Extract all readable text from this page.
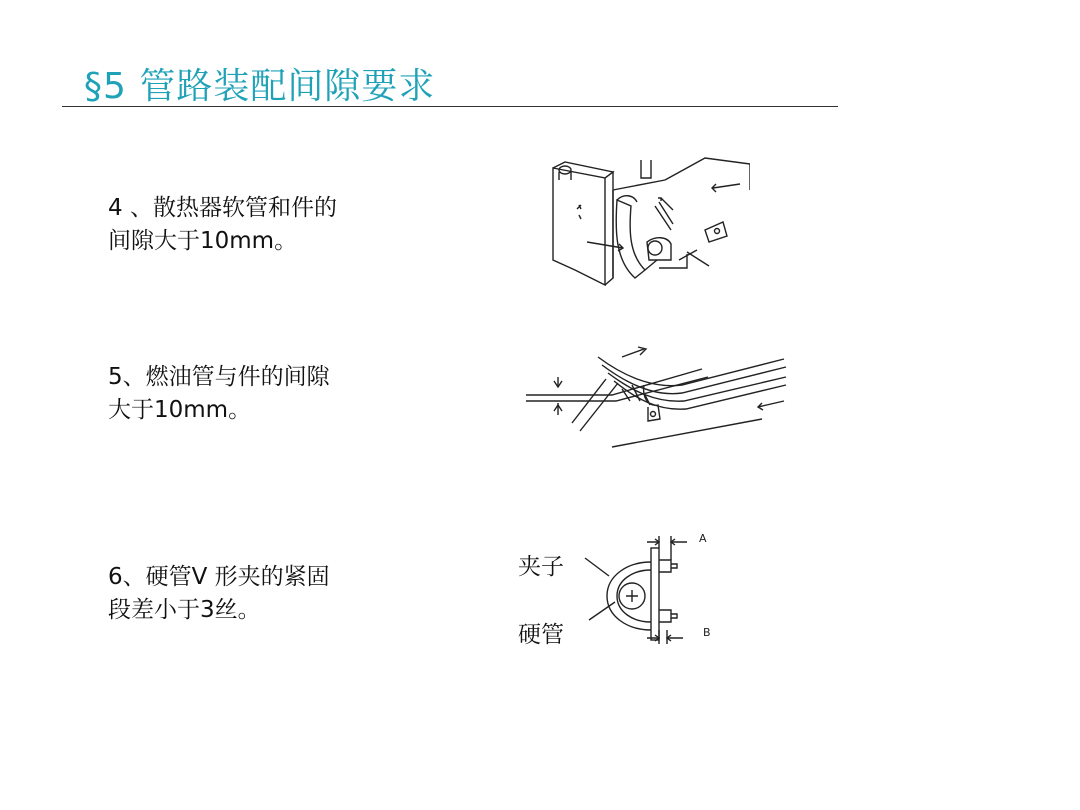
§5 管路装配间隙要求
4 、散热器软管和件的
间隙大于10mm。
5、燃油管与件的间隙
大于10mm。
6、硬管V 形夹的紧固
段差小于3丝。
A
B
夹子
硬管
